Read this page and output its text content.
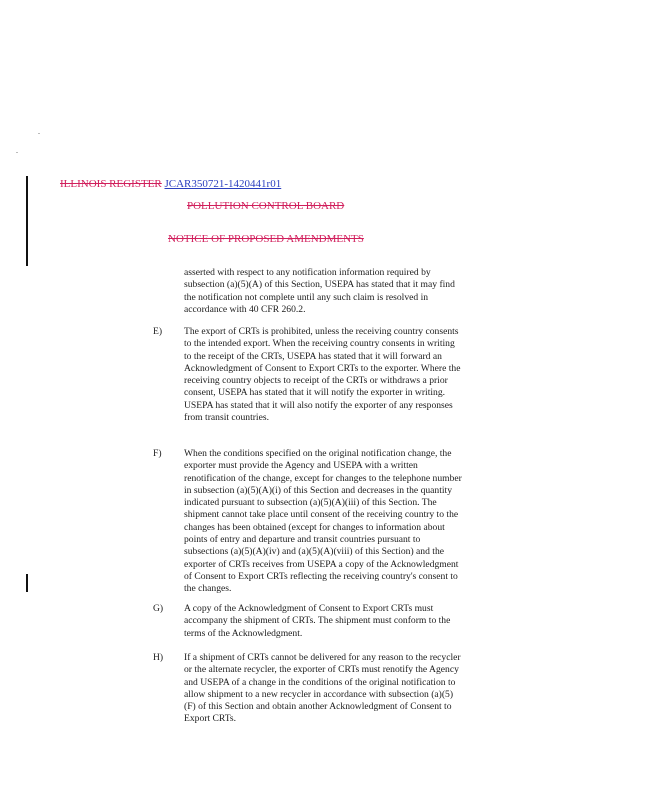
ILLINOIS REGISTER JCAR350721-1420441r01
POLLUTION CONTROL BOARD
NOTICE OF PROPOSED AMENDMENTS
asserted with respect to any notification information required by subsection (a)(5)(A) of this Section, USEPA has stated that it may find the notification not complete until any such claim is resolved in accordance with 40 CFR 260.2.
E) The export of CRTs is prohibited, unless the receiving country consents to the intended export. When the receiving country consents in writing to the receipt of the CRTs, USEPA has stated that it will forward an Acknowledgment of Consent to Export CRTs to the exporter. Where the receiving country objects to receipt of the CRTs or withdraws a prior consent, USEPA has stated that it will notify the exporter in writing. USEPA has stated that it will also notify the exporter of any responses from transit countries.
F) When the conditions specified on the original notification change, the exporter must provide the Agency and USEPA with a written renotification of the change, except for changes to the telephone number in subsection (a)(5)(A)(i) of this Section and decreases in the quantity indicated pursuant to subsection (a)(5)(A)(iii) of this Section. The shipment cannot take place until consent of the receiving country to the changes has been obtained (except for changes to information about points of entry and departure and transit countries pursuant to subsections (a)(5)(A)(iv) and (a)(5)(A)(viii) of this Section) and the exporter of CRTs receives from USEPA a copy of the Acknowledgment of Consent to Export CRTs reflecting the receiving country's consent to the changes.
G) A copy of the Acknowledgment of Consent to Export CRTs must accompany the shipment of CRTs. The shipment must conform to the terms of the Acknowledgment.
H) If a shipment of CRTs cannot be delivered for any reason to the recycler or the alternate recycler, the exporter of CRTs must renotify the Agency and USEPA of a change in the conditions of the original notification to allow shipment to a new recycler in accordance with subsection (a)(5)(F) of this Section and obtain another Acknowledgment of Consent to Export CRTs.
